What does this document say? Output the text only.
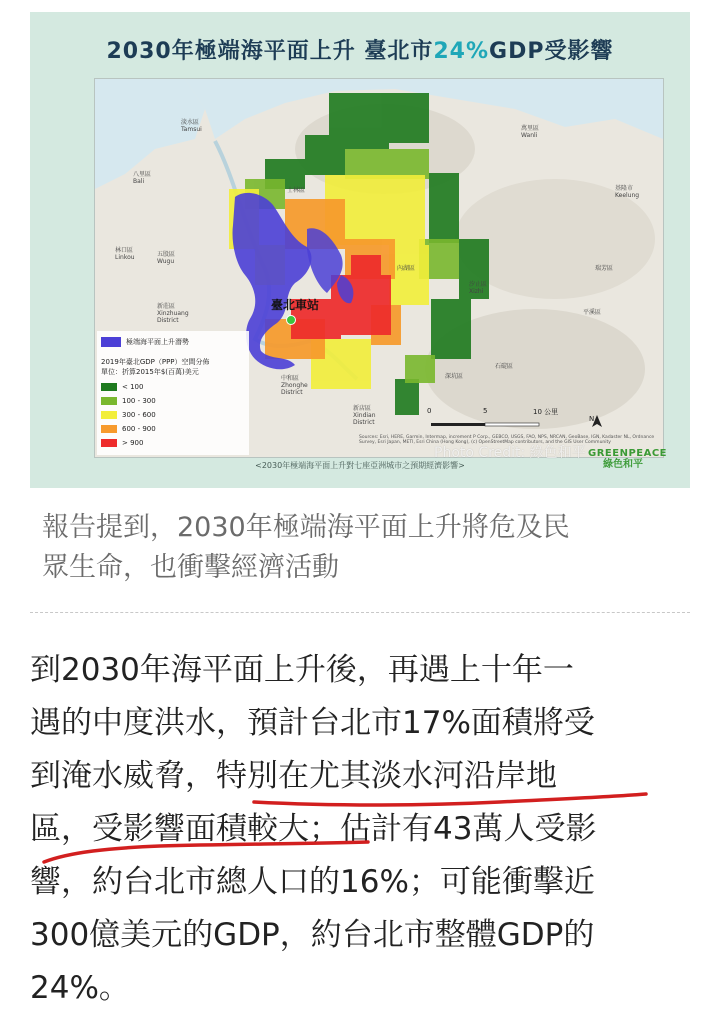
2030年極端海平面上升 臺北市24%GDP受影響
淡水區
Tamsui
八里區
Bali
林口區
Linkou	五股區
Wugu
新莊區
Xinzhuang
District
中和區
Zhonghe
District
新店區
Xindian
District
汐止區
Xizhi
萬里區
Wanli
基隆市
Keelung
瑞芳區
平溪區
石碇區
深坑區
內湖區
士林區
臺北車站
極端海平面上升潛勢
2019年臺北GDP（PPP）空間分佈
單位：折算2015年$(百萬)美元
< 100
100 - 300
300 - 600
600 - 900
> 900
0	5	10 公里
N
Sources: Esri, HERE, Garmin, Intermap, increment P Corp., GEBCO, USGS, FAO, NPS, NRCAN, GeoBase, IGN, Kadaster NL, Ordnance Survey, Esri Japan, METI, Esri China (Hong Kong), (c) OpenStreetMap contributors, and the GIS User Community
Photo Credit: 綠色和平 GREENPEACE
綠色和平
<2030年極端海平面上升對七座亞洲城市之預期經濟影響>
報告提到，2030年極端海平面上升將危及民
眾生命，也衝擊經濟活動
到2030年海平面上升後，再遇上十年一
遇的中度洪水，預計台北市17%面積將受
到淹水威脅，特別在尤其淡水河沿岸地
區，受影響面積較大；估計有43萬人受影
響，約台北市總人口的16%；可能衝擊近
300億美元的GDP，約台北市整體GDP的
24%。
